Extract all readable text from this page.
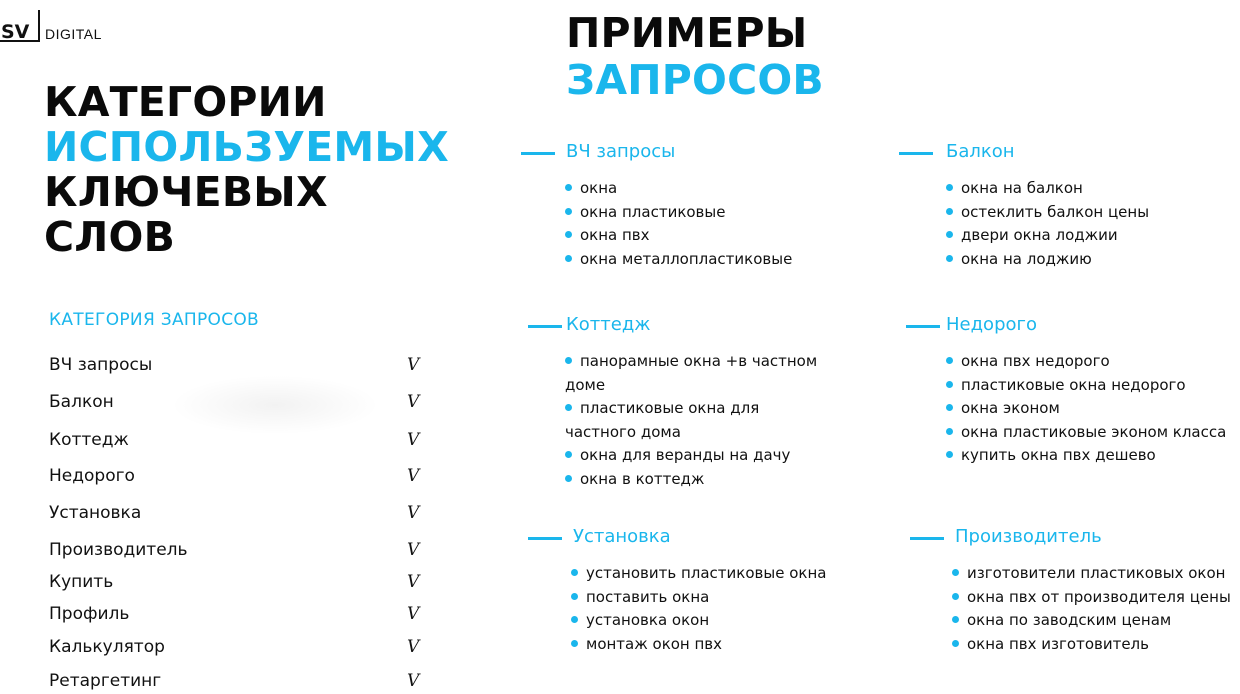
SV DIGITAL
КАТЕГОРИИ
ИСПОЛЬЗУЕМЫХ
КЛЮЧЕВЫХ
СЛОВ
ПРИМЕРЫ
ЗАПРОСОВ
КАТЕГОРИЯ ЗАПРОСОВ
ВЧ запросы	V
Балкон	V
Коттедж	V
Недорого	V
Установка	V
Производитель	V
Купить	V
Профиль	V
Калькулятор	V
Ретаргетинг	V
ВЧ запросы
окна
окна пластиковые
окна пвх
окна металлопластиковые
Балкон
окна на балкон
остеклить балкон цены
двери окна лоджии
окна на лоджию
Коттедж
панорамные окна +в частном
доме
пластиковые окна для
частного дома
окна для веранды на дачу
окна в коттедж
Недорого
окна пвх недорого
пластиковые окна недорого
окна эконом
окна пластиковые эконом класса
купить окна пвх дешево
Установка
установить пластиковые окна
поставить окна
установка окон
монтаж окон пвх
Производитель
изготовители пластиковых окон
окна пвх от производителя цены
окна по заводским ценам
окна пвх изготовитель
